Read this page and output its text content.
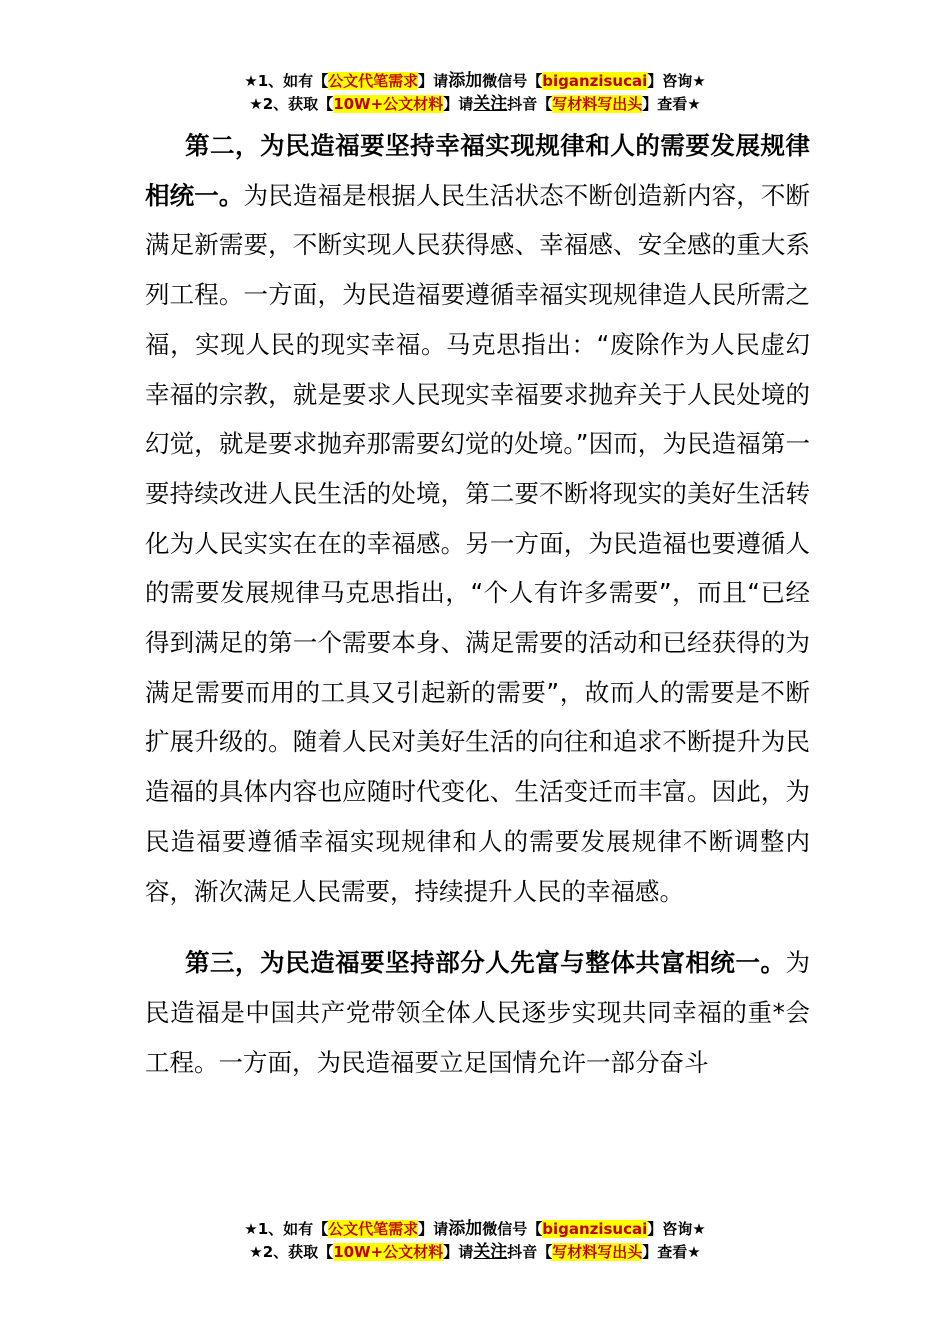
★1、如有【公文代笔需求】请添加微信号【biganzisucai】咨询★
★2、获取【10W+公文材料】请关注抖音【写材料写出头】查看★

第二，为民造福要坚持幸福实现规律和人的需要发展规律相统一。为民造福是根据人民生活状态不断创造新内容，不断满足新需要，不断实现人民获得感、幸福感、安全感的重大系列工程。一方面，为民造福要遵循幸福实现规律造人民所需之福，实现人民的现实幸福。马克思指出：“废除作为人民虚幻幸福的宗教，就是要求人民现实幸福要求抛弃关于人民处境的幻觉，就是要求抛弃那需要幻觉的处境。”因而，为民造福第一要持续改进人民生活的处境，第二要不断将现实的美好生活转化为人民实实在在的幸福感。另一方面，为民造福也要遵循人的需要发展规律马克思指出，“个人有许多需要”，而且“已经得到满足的第一个需要本身、满足需要的活动和已经获得的为满足需要而用的工具又引起新的需要”，故而人的需要是不断扩展升级的。随着人民对美好生活的向往和追求不断提升为民造福的具体内容也应随时代变化、生活变迁而丰富。因此，为民造福要遵循幸福实现规律和人的需要发展规律不断调整内容，渐次满足人民需要，持续提升人民的幸福感。

第三，为民造福要坚持部分人先富与整体共富相统一。为民造福是中国共产党带领全体人民逐步实现共同幸福的重*会工程。一方面，为民造福要立足国情允许一部分奋斗

★1、如有【公文代笔需求】请添加微信号【biganzisucai】咨询★
★2、获取【10W+公文材料】请关注抖音【写材料写出头】查看★
